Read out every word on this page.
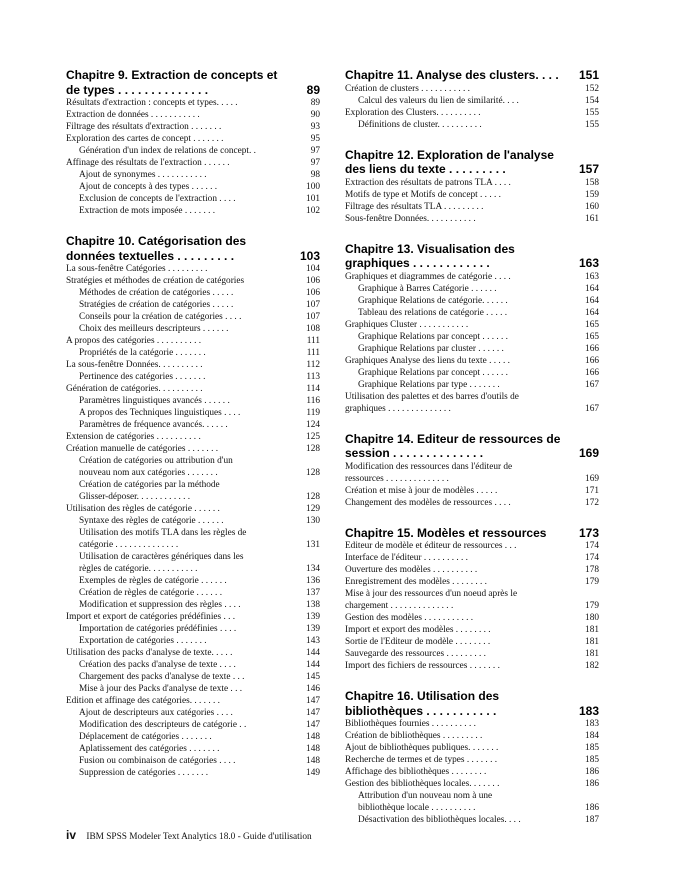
Chapitre 9. Extraction de concepts et
89
de types . . . . . . . . . . . . . .
89
Résultats d'extraction : concepts et types. . . . .
90
Extraction de données . . . . . . . . . . .
93
Filtrage des résultats d'extraction . . . . . . .
95
Exploration des cartes de concept . . . . . . .
97
Génération d'un index de relations de concept. .
97
Affinage des résultats de l'extraction . . . . . .
98
Ajout de synonymes . . . . . . . . . . .
100
Ajout de concepts à des types . . . . . .
101
Exclusion de concepts de l'extraction . . . .
102
Extraction de mots imposée . . . . . . .
Chapitre 10. Catégorisation des
103
données textuelles . . . . . . . . .
104
La sous-fenêtre Catégories . . . . . . . . .
106
Stratégies et méthodes de création de catégories
106
Méthodes de création de catégories . . . . .
107
Stratégies de création de catégories . . . . .
107
Conseils pour la création de catégories . . . .
108
Choix des meilleurs descripteurs . . . . . .
111
A propos des catégories . . . . . . . . . .
111
Propriétés de la catégorie . . . . . . .
112
La sous-fenêtre Données. . . . . . . . . .
113
Pertinence des catégories . . . . . . .
114
Génération de catégories. . . . . . . . . .
116
Paramètres linguistiques avancés . . . . . .
119
A propos des Techniques linguistiques . . . .
124
Paramètres de fréquence avancés. . . . . .
125
Extension de catégories . . . . . . . . . .
128
Création manuelle de catégories . . . . . . .
Création de catégories ou attribution d'un
128
nouveau nom aux catégories . . . . . . .
Création de catégories par la méthode
128
Glisser-déposer. . . . . . . . . . . .
129
Utilisation des règles de catégorie . . . . . .
130
Syntaxe des règles de catégorie . . . . . .
Utilisation des motifs TLA dans les règles de
131
catégorie . . . . . . . . . . . . . .
Utilisation de caractères génériques dans les
134
règles de catégorie. . . . . . . . . . .
136
Exemples de règles de catégorie . . . . . .
137
Création de règles de catégorie . . . . . .
138
Modification et suppression des règles . . . .
139
Import et export de catégories prédéfinies . . .
139
Importation de catégories prédéfinies . . . .
143
Exportation de catégories . . . . . . .
144
Utilisation des packs d'analyse de texte. . . . .
144
Création des packs d'analyse de texte . . . .
145
Chargement des packs d'analyse de texte . . .
146
Mise à jour des Packs d'analyse de texte . . .
147
Edition et affinage des catégories. . . . . . .
147
Ajout de descripteurs aux catégories . . . .
147
Modification des descripteurs de catégorie . .
148
Déplacement de catégories . . . . . . .
148
Aplatissement des catégories . . . . . . .
148
Fusion ou combinaison de catégories . . . .
149
Suppression de catégories . . . . . . .
151
Chapitre 11. Analyse des clusters. . . .
152
Création de clusters . . . . . . . . . . .
154
Calcul des valeurs du lien de similarité. . . .
155
Exploration des Clusters. . . . . . . . . .
155
Définitions de cluster. . . . . . . . . .
Chapitre 12. Exploration de l'analyse
157
des liens du texte . . . . . . . . .
158
Extraction des résultats de patrons TLA . . . .
159
Motifs de type et Motifs de concept . . . . .
160
Filtrage des résultats TLA . . . . . . . . .
161
Sous-fenêtre Données. . . . . . . . . . .
Chapitre 13. Visualisation des
163
graphiques . . . . . . . . . . . .
163
Graphiques et diagrammes de catégorie . . . .
164
Graphique à Barres Catégorie . . . . . .
164
Graphique Relations de catégorie. . . . . .
164
Tableau des relations de catégorie . . . . .
165
Graphiques Cluster . . . . . . . . . . .
165
Graphique Relations par concept . . . . . .
166
Graphique Relations par cluster . . . . . .
166
Graphiques Analyse des liens du texte . . . . .
166
Graphique Relations par concept . . . . . .
167
Graphique Relations par type . . . . . . .
Utilisation des palettes et des barres d'outils de
167
graphiques . . . . . . . . . . . . . .
Chapitre 14. Editeur de ressources de
169
session . . . . . . . . . . . . . .
Modification des ressources dans l'éditeur de
169
ressources . . . . . . . . . . . . . .
171
Création et mise à jour de modèles . . . . .
172
Changement des modèles de ressources . . . .
173
Chapitre 15. Modèles et ressources
174
Editeur de modèle et éditeur de ressources . . .
174
Interface de l'éditeur . . . . . . . . . .
178
Ouverture des modèles . . . . . . . . . .
179
Enregistrement des modèles . . . . . . . .
Mise à jour des ressources d'un noeud après le
179
chargement . . . . . . . . . . . . . .
180
Gestion des modèles . . . . . . . . . . .
181
Import et export des modèles . . . . . . . .
181
Sortie de l'Editeur de modèle . . . . . . . .
181
Sauvegarde des ressources . . . . . . . . .
182
Import des fichiers de ressources . . . . . . .
Chapitre 16. Utilisation des
183
bibliothèques . . . . . . . . . . .
183
Bibliothèques fournies . . . . . . . . . .
184
Création de bibliothèques . . . . . . . . .
185
Ajout de bibliothèques publiques. . . . . . .
185
Recherche de termes et de types . . . . . . .
186
Affichage des bibliothèques . . . . . . . .
186
Gestion des bibliothèques locales. . . . . . .
Attribution d'un nouveau nom à une
186
bibliothèque locale . . . . . . . . . .
187
Désactivation des bibliothèques locales. . . .
iv IBM SPSS Modeler Text Analytics 18.0 - Guide d'utilisation
